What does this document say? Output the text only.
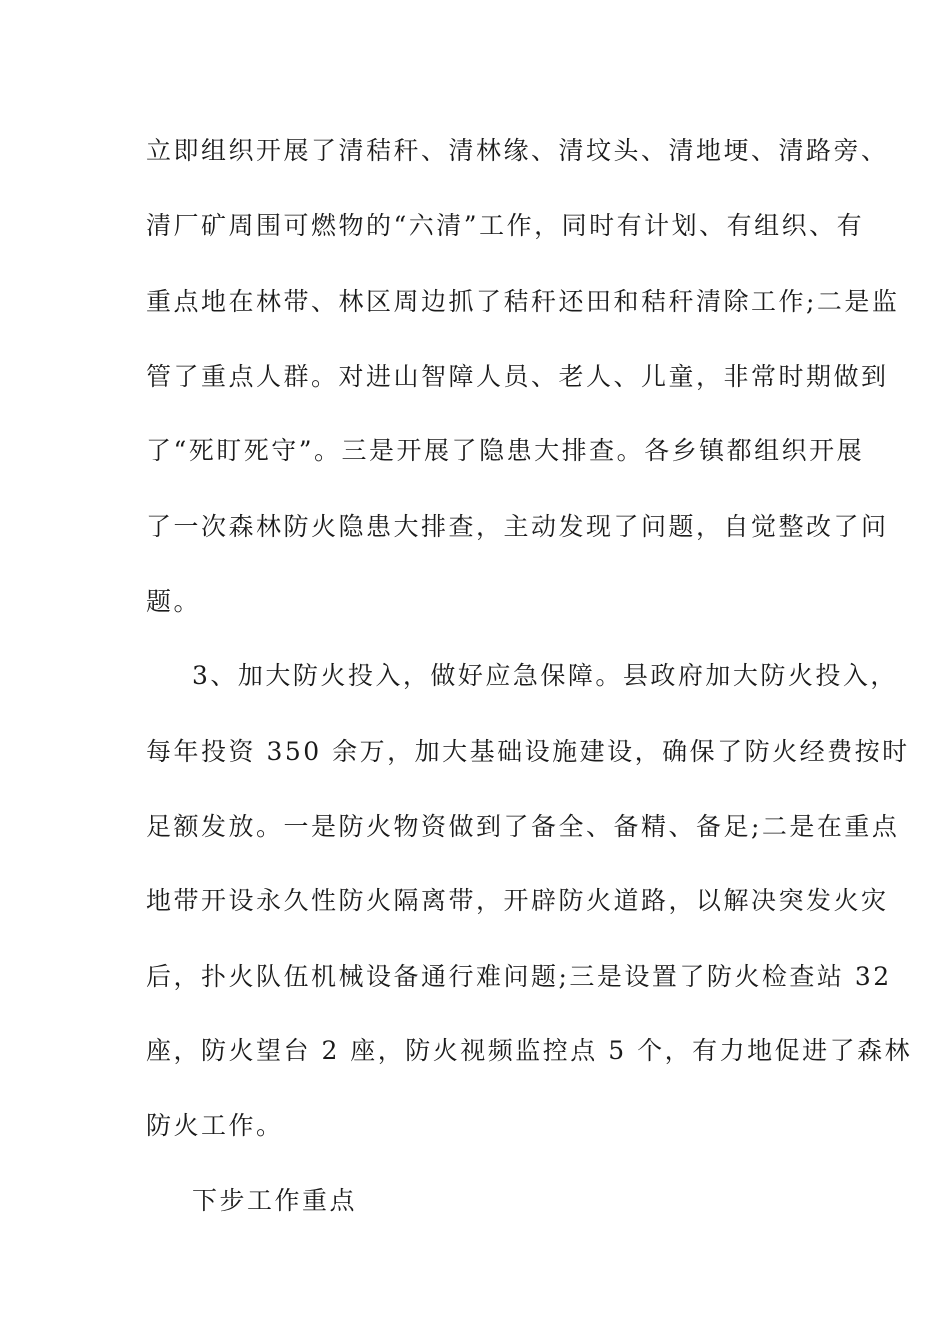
立即组织开展了清秸秆、清林缘、清坟头、清地埂、清路旁、
清厂矿周围可燃物的“六清”工作，同时有计划、有组织、有
重点地在林带、林区周边抓了秸秆还田和秸秆清除工作;二是监
管了重点人群。对进山智障人员、老人、儿童，非常时期做到
了“死盯死守”。三是开展了隐患大排查。各乡镇都组织开展
了一次森林防火隐患大排查，主动发现了问题，自觉整改了问
题。
3、加大防火投入，做好应急保障。县政府加大防火投入，
每年投资 350 余万，加大基础设施建设，确保了防火经费按时
足额发放。一是防火物资做到了备全、备精、备足;二是在重点
地带开设永久性防火隔离带，开辟防火道路，以解决突发火灾
后，扑火队伍机械设备通行难问题;三是设置了防火检查站 32
座，防火望台 2 座，防火视频监控点 5 个，有力地促进了森林
防火工作。
下步工作重点
